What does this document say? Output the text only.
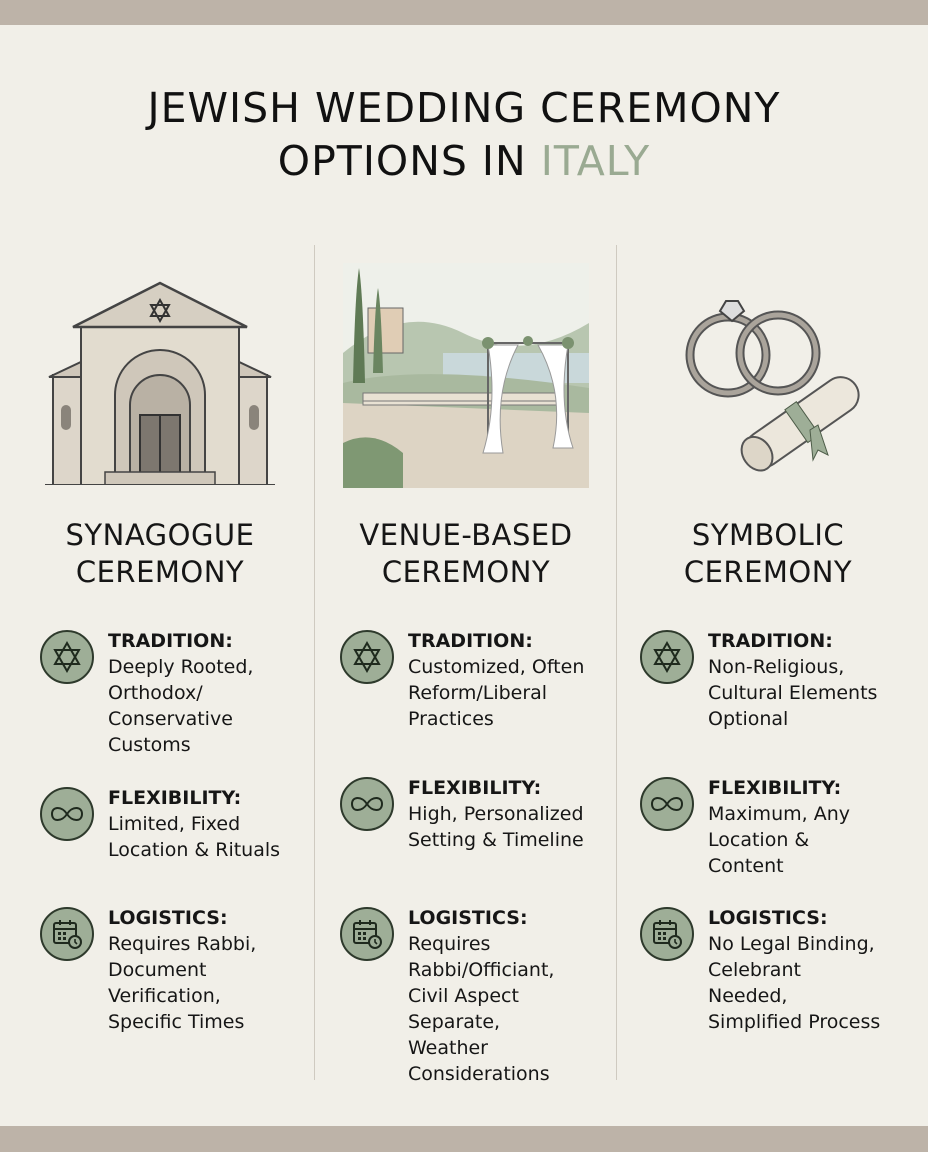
JEWISH WEDDING CEREMONY
OPTIONS IN ITALY
SYNAGOGUE
CEREMONY
VENUE-BASED
CEREMONY
SYMBOLIC
CEREMONY
TRADITION:
Deeply Rooted,
Orthodox/
Conservative
Customs
FLEXIBILITY:
Limited, Fixed
Location & Rituals
LOGISTICS:
Requires Rabbi,
Document
Verification,
Specific Times
TRADITION:
Customized, Often
Reform/Liberal
Practices
FLEXIBILITY:
High, Personalized
Setting & Timeline
LOGISTICS:
Requires
Rabbi/Officiant,
Civil Aspect
Separate,
Weather
Considerations
TRADITION:
Non-Religious,
Cultural Elements
Optional
FLEXIBILITY:
Maximum, Any
Location &
Content
LOGISTICS:
No Legal Binding,
Celebrant
Needed,
Simplified Process
